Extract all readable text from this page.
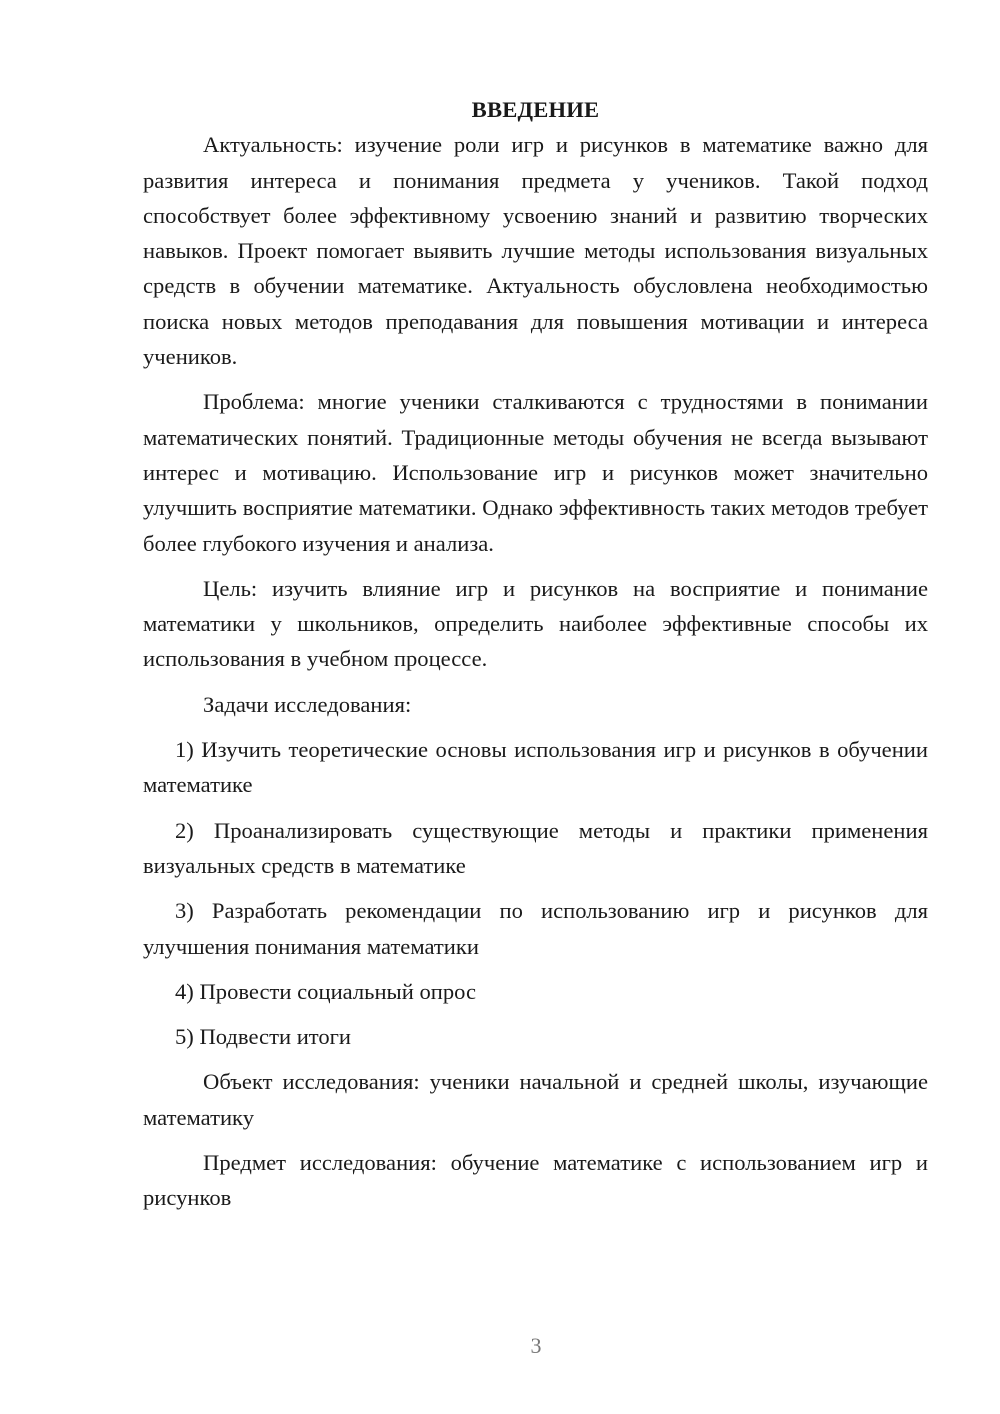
ВВЕДЕНИЕ

Актуальность: изучение роли игр и рисунков в математике важно для развития интереса и понимания предмета у учеников. Такой подход способствует более эффективному усвоению знаний и развитию творческих навыков. Проект помогает выявить лучшие методы использования визуальных средств в обучении математике. Актуальность обусловлена необходимостью поиска новых методов преподавания для повышения мотивации и интереса учеников.

Проблема: многие ученики сталкиваются с трудностями в понимании математических понятий. Традиционные методы обучения не всегда вызывают интерес и мотивацию. Использование игр и рисунков может значительно улучшить восприятие математики. Однако эффективность таких методов требует более глубокого изучения и анализа.

Цель: изучить влияние игр и рисунков на восприятие и понимание математики у школьников, определить наиболее эффективные способы их использования в учебном процессе.

Задачи исследования:

1) Изучить теоретические основы использования игр и рисунков в обучении математике

2) Проанализировать существующие методы и практики применения визуальных средств в математике

3) Разработать рекомендации по использованию игр и рисунков для улучшения понимания математики

4) Провести социальный опрос

5) Подвести итоги

Объект исследования: ученики начальной и средней школы, изучающие математику

Предмет исследования: обучение математике с использованием игр и рисунков

3
